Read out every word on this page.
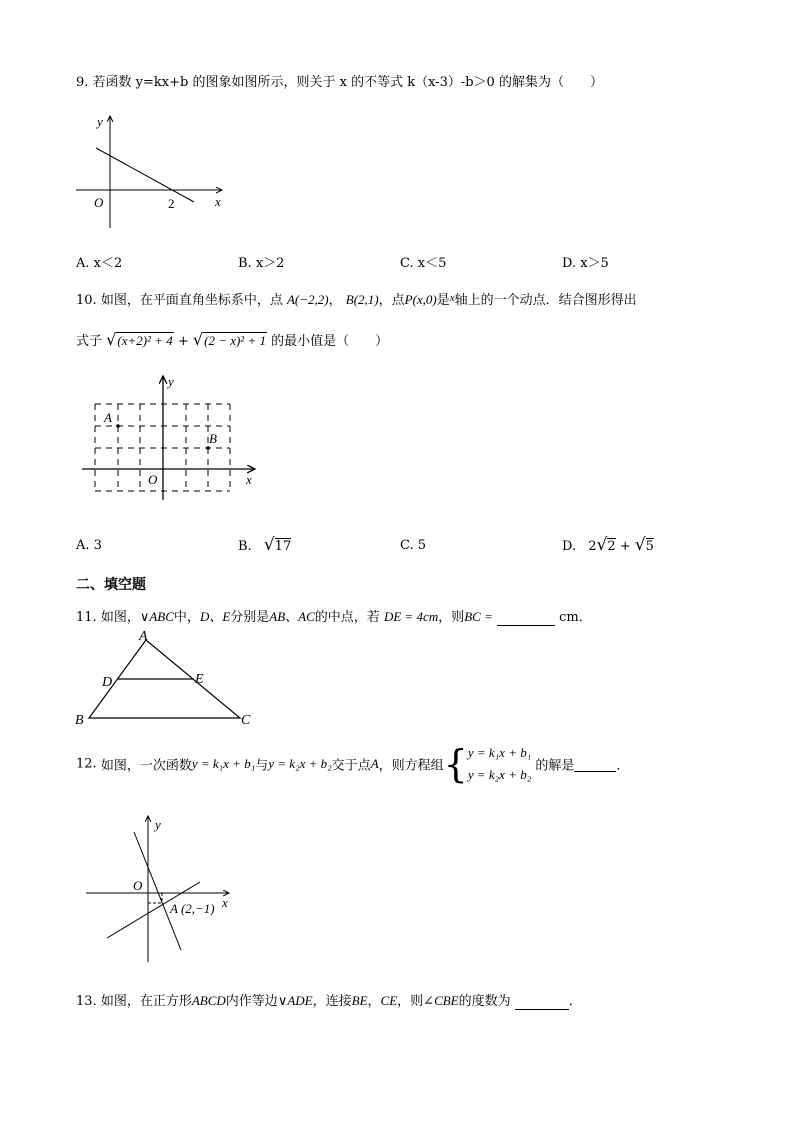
9. 若函数 y=kx+b 的图象如图所示，则关于 x 的不等式 k（x-3）-b＞0 的解集为（　　）
y
x
O	2
A. x＜2	B. x＞2	C. x＜5	D. x＞5
10. 如图，在平面直角坐标系中，点 A(−2,2)， B(2,1)，点P(x,0)是$^x$轴上的一个动点．结合图形得出
式子 √(x+2)² + 4 + √(2 − x)² + 1 的最小值是（　　）
y
x
O
A
B
A. 3	B. √17	C. 5	D. 2√2 + √5
二、填空题
11. 如图，∨ABC中，D、E分别是AB、AC的中点，若 DE = 4cm，则BC =	cm．
A
B	C
D	E
12. 如图，一次函数y = k₁x + b₁与y = k₂x + b₂交于点A，则方程组{y = k₁x + b₁
y = k₂x + b₂ 的解是	．
y
x
O
A (2,−1)
13. 如图，在正方形ABCD内作等边∨ADE，连接BE，CE，则∠CBE的度数为	．
